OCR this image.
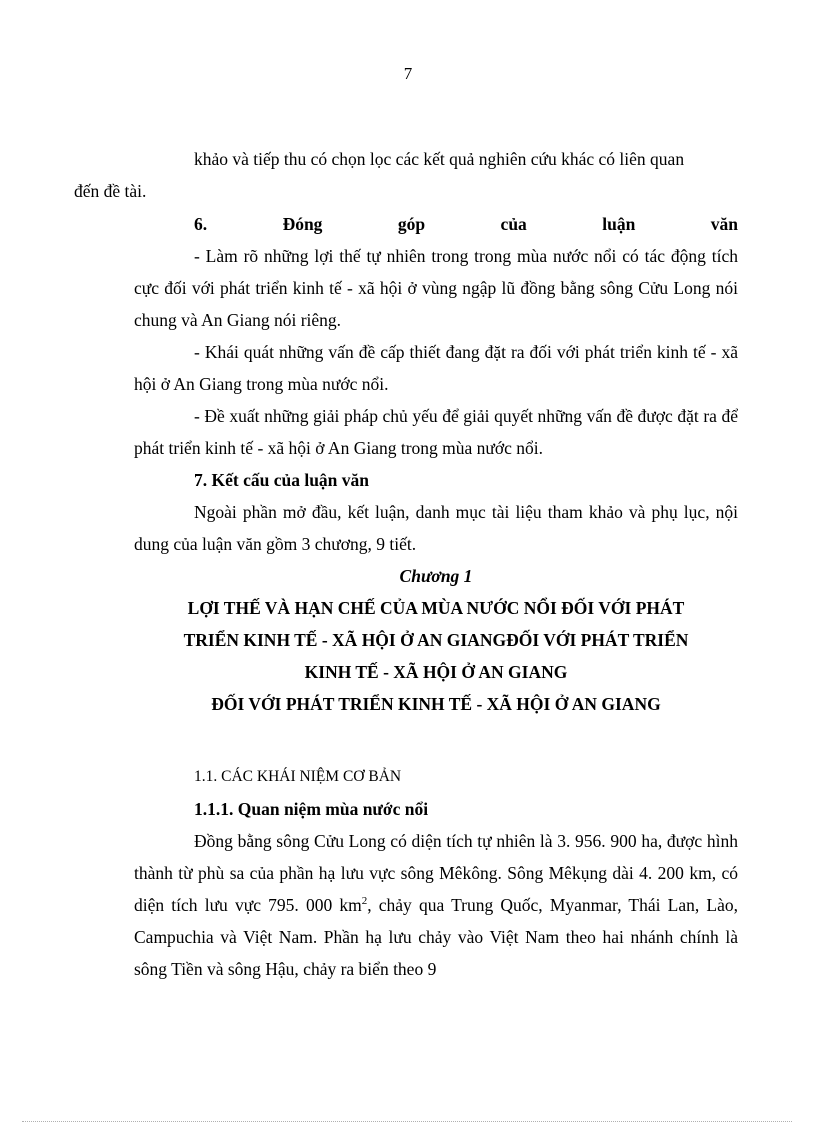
7

khảo và tiếp thu có chọn lọc các kết quả nghiên cứu khác có liên quan
đến đề tài.

6.	Đóng	góp	của	luận	văn

- Làm rõ những lợi thế tự nhiên trong trong mùa nước nổi có tác động tích cực đối với phát triển kinh tế - xã hội ở vùng ngập lũ đồng bằng sông Cửu Long nói chung và An Giang nói riêng.

- Khái quát những vấn đề cấp thiết đang đặt ra đối với phát triển kinh tế - xã hội ở An Giang trong mùa nước nổi.

- Đề xuất những giải pháp chủ yếu để giải quyết những vấn đề được đặt ra để phát triển kinh tế - xã hội ở An Giang trong mùa nước nổi.

7. Kết cấu của luận văn

Ngoài phần mở đầu, kết luận, danh mục tài liệu tham khảo và phụ lục, nội dung của luận văn gồm 3 chương, 9 tiết.

Chương 1

LỢI THẾ VÀ HẠN CHẾ CỦA MÙA NƯỚC NỔI ĐỐI VỚI PHÁT
TRIỂN KINH TẾ - XÃ HỘI Ở AN GIANGĐỐI VỚI PHÁT TRIỂN
KINH TẾ - XÃ HỘI Ở AN GIANG
ĐỐI VỚI PHÁT TRIỂN KINH TẾ - XÃ HỘI Ở AN GIANG

1.1. CÁC KHÁI NIỆM CƠ BẢN

1.1.1. Quan niệm mùa nước nổi

Đồng bằng sông Cửu Long có diện tích tự nhiên là 3. 956. 900 ha, được hình thành từ phù sa của phần hạ lưu vực sông Mêkông. Sông Mêkụng dài 4. 200 km, có diện tích lưu vực 795. 000 $km^2$, chảy qua Trung Quốc, Myanmar, Thái Lan, Lào, Campuchia và Việt Nam. Phần hạ lưu chảy vào Việt Nam theo hai nhánh chính là sông Tiền và sông Hậu, chảy ra biển theo 9
